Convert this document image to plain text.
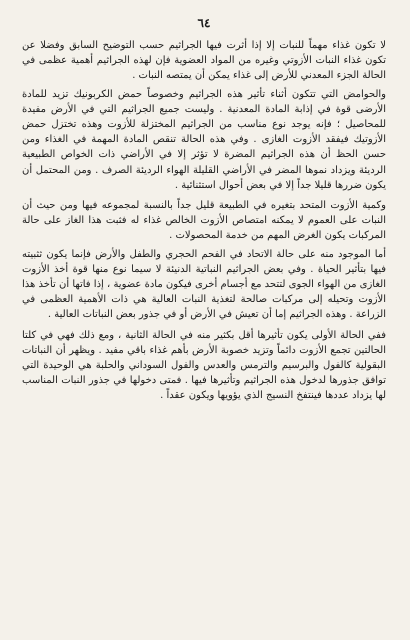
٦٤

لا تكون غذاء مهماً للنبات إلا إذا أثرت فيها الجراثيم حسب التوضيح السابق وفضلا عن تكون غذاء النبات الأزوتي وغيره من المواد العضوية فإن لهذه الجراثيم أهمية عظمى في الحالة الجزء المعدني للأرض إلى غذاء يمكن أن يمتصه النبات .

والحوامض التي تتكون أثناء تأثير هذه الجراثيم وخصوصاً حمض الكربونيك تزيد للمادة الأرضى قوة في إذابة المادة المعدنية . وليست جميع الجراثيم التي في الأرض مفيدة للمحاصيل ؛ فإنه يوجد نوع مناسب من الجراثيم المختزلة للأزوت وهذه تختزل حمض الأزوتيك فيفقد الأزوت الغازى . وفي هذه الحالة تنقص المادة المهمة في الغذاء ومن حسن الحظ أن هذه الجراثيم المضرة لا تؤثر إلا في الأراضي ذات الخواص الطبيعية الرديئة ويزداد نموها المضر في الأراضي القليلة الهواء الرديئة الصرف . ومن المحتمل أن يكون ضررها قليلا جداً إلا في بعض أحوال استثنائية .

وكمية الأزوت المتحد بتغيره في الطبيعة قليل جداً بالنسبة لمجموعه فيها ومن حيث أن النبات على العموم لا يمكنه امتصاص الأزوت الخالص غذاء له فثبت هذا الغاز على حالة المركبات يكون الغرض المهم من خدمة المحصولات .

أما الموجود منه على حالة الاتحاد في الفحم الحجري والطفل والأرض فإنما يكون ثثبيته فيها بتأثير الحياة . وفي بعض الجراثيم النباتية الدنيئة لا سيما نوع منها قوة أخذ الأزوت الغازى من الهواء الجوى لتتحد مع أجسام أخرى فيكون مادة عضوية ، إذا فاتها أن تأخذ هذا الأزوت وتحيله إلى مركبات صالحة لتغذية النبات العالية هي ذات الأهمية العظمى في الزراعة . وهذه الجراثيم إما أن تعيش في الأرض أو في جذور بعض النباتات العالية .

ففي الحالة الأولى يكون تأثيرها أقل بكثير منه في الحالة الثانية ، ومع ذلك فهي في كلتا الحالتين تجمع الأزوت دائماً وتزيد خصوبة الأرض بأهم غذاء باقي مفيد . ويظهر أن النباتات البقولية كالفول والبرسيم والترمس والعدس والفول السوداني والحلبة هي الوحيدة التي توافق جذورها لدخول هذه الجراثيم وتأثيرها فيها . فمتى دخولها في جذور النبات المناسب لها يزداد عددها فينتفخ النسيج الذي يؤويها ويكون عقداً .
